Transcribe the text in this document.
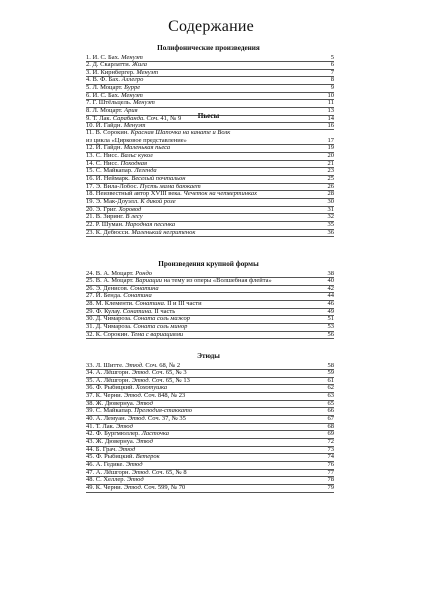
Содержание
Полифонические произведения
1. И. С. Бах. Менуэт	5
2. Д. Скарлатти. Жига	6
3. И. Кирнбергер. Менуэт	7
4. В. Ф. Бах. Аллегро	8
5. Л. Моцарт. Бурре	9
6. И. С. Бах. Менуэт	10
7. Г. Штёльцель. Менуэт	11
8. Л. Моцарт. Ария	13
9. Т. Лак. Сарабанда. Соч. 41, № 9	14
Пьесы
10. Й. Гайдн. Менуэт	16
11. В. Сорокин. Красная Шапочка на канате и Волк
из цикла «Цирковое представление»	17
12. Й. Гайдн. Маленькая пьеса	19
13. С. Нисс. Вальс кукол	20
14. С. Нисс. Походная	21
15. С. Майкапар. Легенда	23
16. И. Неймарк. Веселый почтальон	25
17. Э. Вила-Лобос. Пусть мама баюкает	26
18. Неизвестный автор XVIII века. Чечеток на четвертинках	28
19. Э. Мак-Доуэлл. К дикой розе	30
20. Э. Григ. Хоровод	31
21. В. Зиринг. В лесу	32
22. Р. Шуман. Народная песенка	35
23. К. Дебюсси. Маленький негритенок	36
Произведения крупной формы
24. В. А. Моцарт. Рондо	38
25. В. А. Моцарт. Вариации на тему из оперы «Волшебная флейта»	40
26. Э. Денисов. Сонатина	42
27. Й. Бенда. Сонатина	44
28. М. Клементи. Сонатина. II и III части	46
29. Ф. Кулау. Сонатина. II часть	49
30. Д. Чимароза. Соната соль мажор	51
31. Д. Чимароза. Соната соль минор	53
32. К. Сорокин. Тема с вариациями	56
Этюды
33. Л. Шитте. Этюд. Соч. 68, № 2	58
34. А. Лёшгорн. Этюд. Соч. 65, № 3	59
35. А. Лёшгорн. Этюд. Соч. 65, № 13	61
36. Ф. Рыбицкий. Хохотушка	62
37. К. Черни. Этюд. Соч. 848, № 23	63
38. Ж. Дювернуа. Этюд	65
39. С. Майкапар. Прелюдия-стаккато	66
40. А. Лемуан. Этюд. Соч. 37, № 35	67
41. Т. Лак. Этюд	68
42. Ф. Бургмюллер. Ласточка	69
43. Ж. Дювернуа. Этюд	72
44. Б. Грач. Этюд	73
45. Ф. Рыбицкий. Ветерок	74
46. А. Гедике. Этюд	76
47. А. Лёшгорн. Этюд. Соч. 65, № 8	77
48. С. Хеллер. Этюд	78
49. К. Черни. Этюд. Соч. 599, № 70	79
